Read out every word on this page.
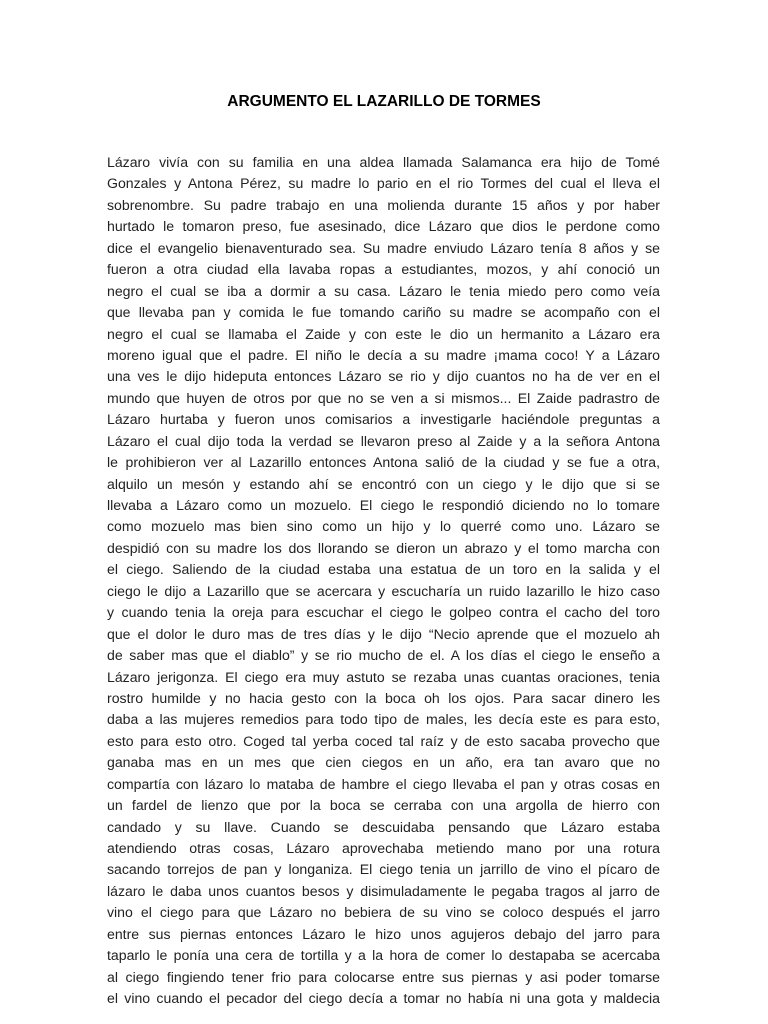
ARGUMENTO EL LAZARILLO DE TORMES
Lázaro vivía con su familia en una aldea llamada Salamanca era hijo de Tomé
Gonzales y Antona Pérez, su madre lo pario en el rio Tormes del cual el lleva el
sobrenombre. Su padre trabajo en una molienda durante 15 años y por haber
hurtado le tomaron preso, fue asesinado, dice Lázaro que dios le perdone como
dice el evangelio bienaventurado sea. Su madre enviudo Lázaro tenía 8 años y se
fueron a otra ciudad ella lavaba ropas a estudiantes, mozos, y ahí conoció un
negro el cual se iba a dormir a su casa. Lázaro le tenia miedo pero como veía
que llevaba pan y comida le fue tomando cariño su madre se acompaño con el
negro el cual se llamaba el Zaide y con este le dio un hermanito a Lázaro era
moreno igual que el padre. El niño le decía a su madre ¡mama coco! Y a Lázaro
una ves le dijo hideputa entonces Lázaro se rio y dijo cuantos no ha de ver en el
mundo que huyen de otros por que no se ven a si mismos... El Zaide padrastro de
Lázaro hurtaba y fueron unos comisarios a investigarle haciéndole preguntas a
Lázaro el cual dijo toda la verdad se llevaron preso al Zaide y a la señora Antona
le prohibieron ver al Lazarillo entonces Antona salió de la ciudad y se fue a otra,
alquilo un mesón y estando ahí se encontró con un ciego y le dijo que si se
llevaba a Lázaro como un mozuelo. El ciego le respondió diciendo no lo tomare
como mozuelo mas bien sino como un hijo y lo querré como uno. Lázaro se
despidió con su madre los dos llorando se dieron un abrazo y el tomo marcha con
el ciego. Saliendo de la ciudad estaba una estatua de un toro en la salida y el
ciego le dijo a Lazarillo que se acercara y escucharía un ruido lazarillo le hizo caso
y cuando tenia la oreja para escuchar el ciego le golpeo contra el cacho del toro
que el dolor le duro mas de tres días y le dijo “Necio aprende que el mozuelo ah
de saber mas que el diablo” y se rio mucho de el. A los días el ciego le enseño a
Lázaro jerigonza. El ciego era muy astuto se rezaba unas cuantas oraciones, tenia
rostro humilde y no hacia gesto con la boca oh los ojos. Para sacar dinero les
daba a las mujeres remedios para todo tipo de males, les decía este es para esto,
esto para esto otro. Coged tal yerba coced tal raíz y de esto sacaba provecho que
ganaba mas en un mes que cien ciegos en un año, era tan avaro que no
compartía con lázaro lo mataba de hambre el ciego llevaba el pan y otras cosas en
un fardel de lienzo que por la boca se cerraba con una argolla de hierro con
candado y su llave. Cuando se descuidaba pensando que Lázaro estaba
atendiendo otras cosas, Lázaro aprovechaba metiendo mano por una rotura
sacando torrejos de pan y longaniza. El ciego tenia un jarrillo de vino el pícaro de
lázaro le daba unos cuantos besos y disimuladamente le pegaba tragos al jarro de
vino el ciego para que Lázaro no bebiera de su vino se coloco después el jarro
entre sus piernas entonces Lázaro le hizo unos agujeros debajo del jarro para
taparlo le ponía una cera de tortilla y a la hora de comer lo destapaba se acercaba
al ciego fingiendo tener frio para colocarse entre sus piernas y asi poder tomarse
el vino cuando el pecador del ciego decía a tomar no había ni una gota y maldecia
